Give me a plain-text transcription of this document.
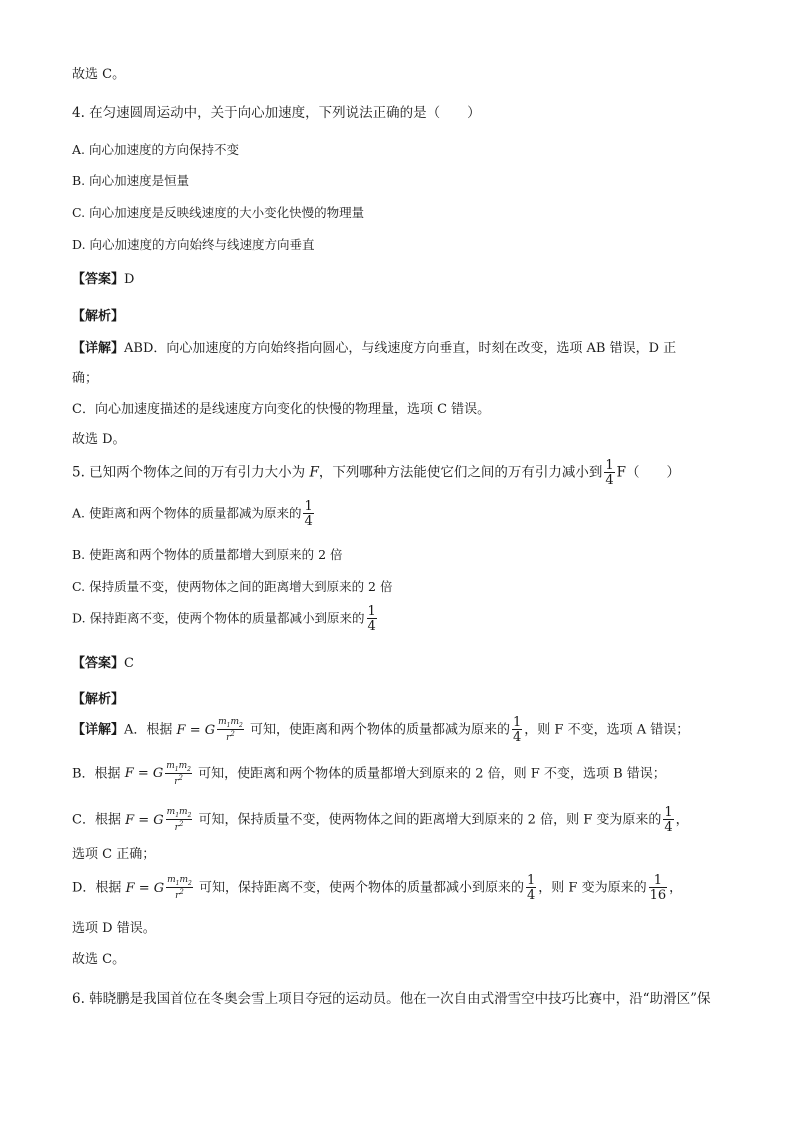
故选 C。
4. 在匀速圆周运动中，关于向心加速度，下列说法正确的是（　　）
A. 向心加速度的方向保持不变
B. 向心加速度是恒量
C. 向心加速度是反映线速度的大小变化快慢的物理量
D. 向心加速度的方向始终与线速度方向垂直
【答案】D
【解析】
【详解】ABD．向心加速度的方向始终指向圆心，与线速度方向垂直，时刻在改变，选项 AB 错误，D 正
确；
C．向心加速度描述的是线速度方向变化的快慢的物理量，选项 C 错误。
故选 D。
5. 已知两个物体之间的万有引力大小为 F，下列哪种方法能使它们之间的万有引力减小到 $\frac{1}{4} F$（　　）
A. 使距离和两个物体的质量都减为原来的 $\frac{1}{4}$
B. 使距离和两个物体的质量都增大到原来的 2 倍
C. 保持质量不变，使两物体之间的距离增大到原来的 2 倍
D. 保持距离不变，使两个物体的质量都减小到原来的 $\frac{1}{4}$
【答案】C
【解析】
【详解】A．根据 F = G $\frac{m_1m_2}{r^2}$ 可知，使距离和两个物体的质量都减为原来的 $\frac{1}{4}$ ，则 F 不变，选项 A 错误；
B．根据 F = G $\frac{m_1m_2}{r^2}$ 可知，使距离和两个物体的质量都增大到原来的 2 倍，则 F 不变，选项 B 错误；
C．根据 F = G $\frac{m_1m_2}{r^2}$ 可知，保持质量不变，使两物体之间的距离增大到原来的 2 倍，则 F 变为原来的 $\frac{1}{4}$ ，
选项 C 正确；
D．根据 F = G $\frac{m_1m_2}{r^2}$ 可知，保持距离不变，使两个物体的质量都减小到原来的 $\frac{1}{4}$ ，则 F 变为原来的 $\frac{1}{16}$ ，
选项 D 错误。
故选 C。
6. 韩晓鹏是我国首位在冬奥会雪上项目夺冠的运动员。他在一次自由式滑雪空中技巧比赛中，沿“助滑区”保
